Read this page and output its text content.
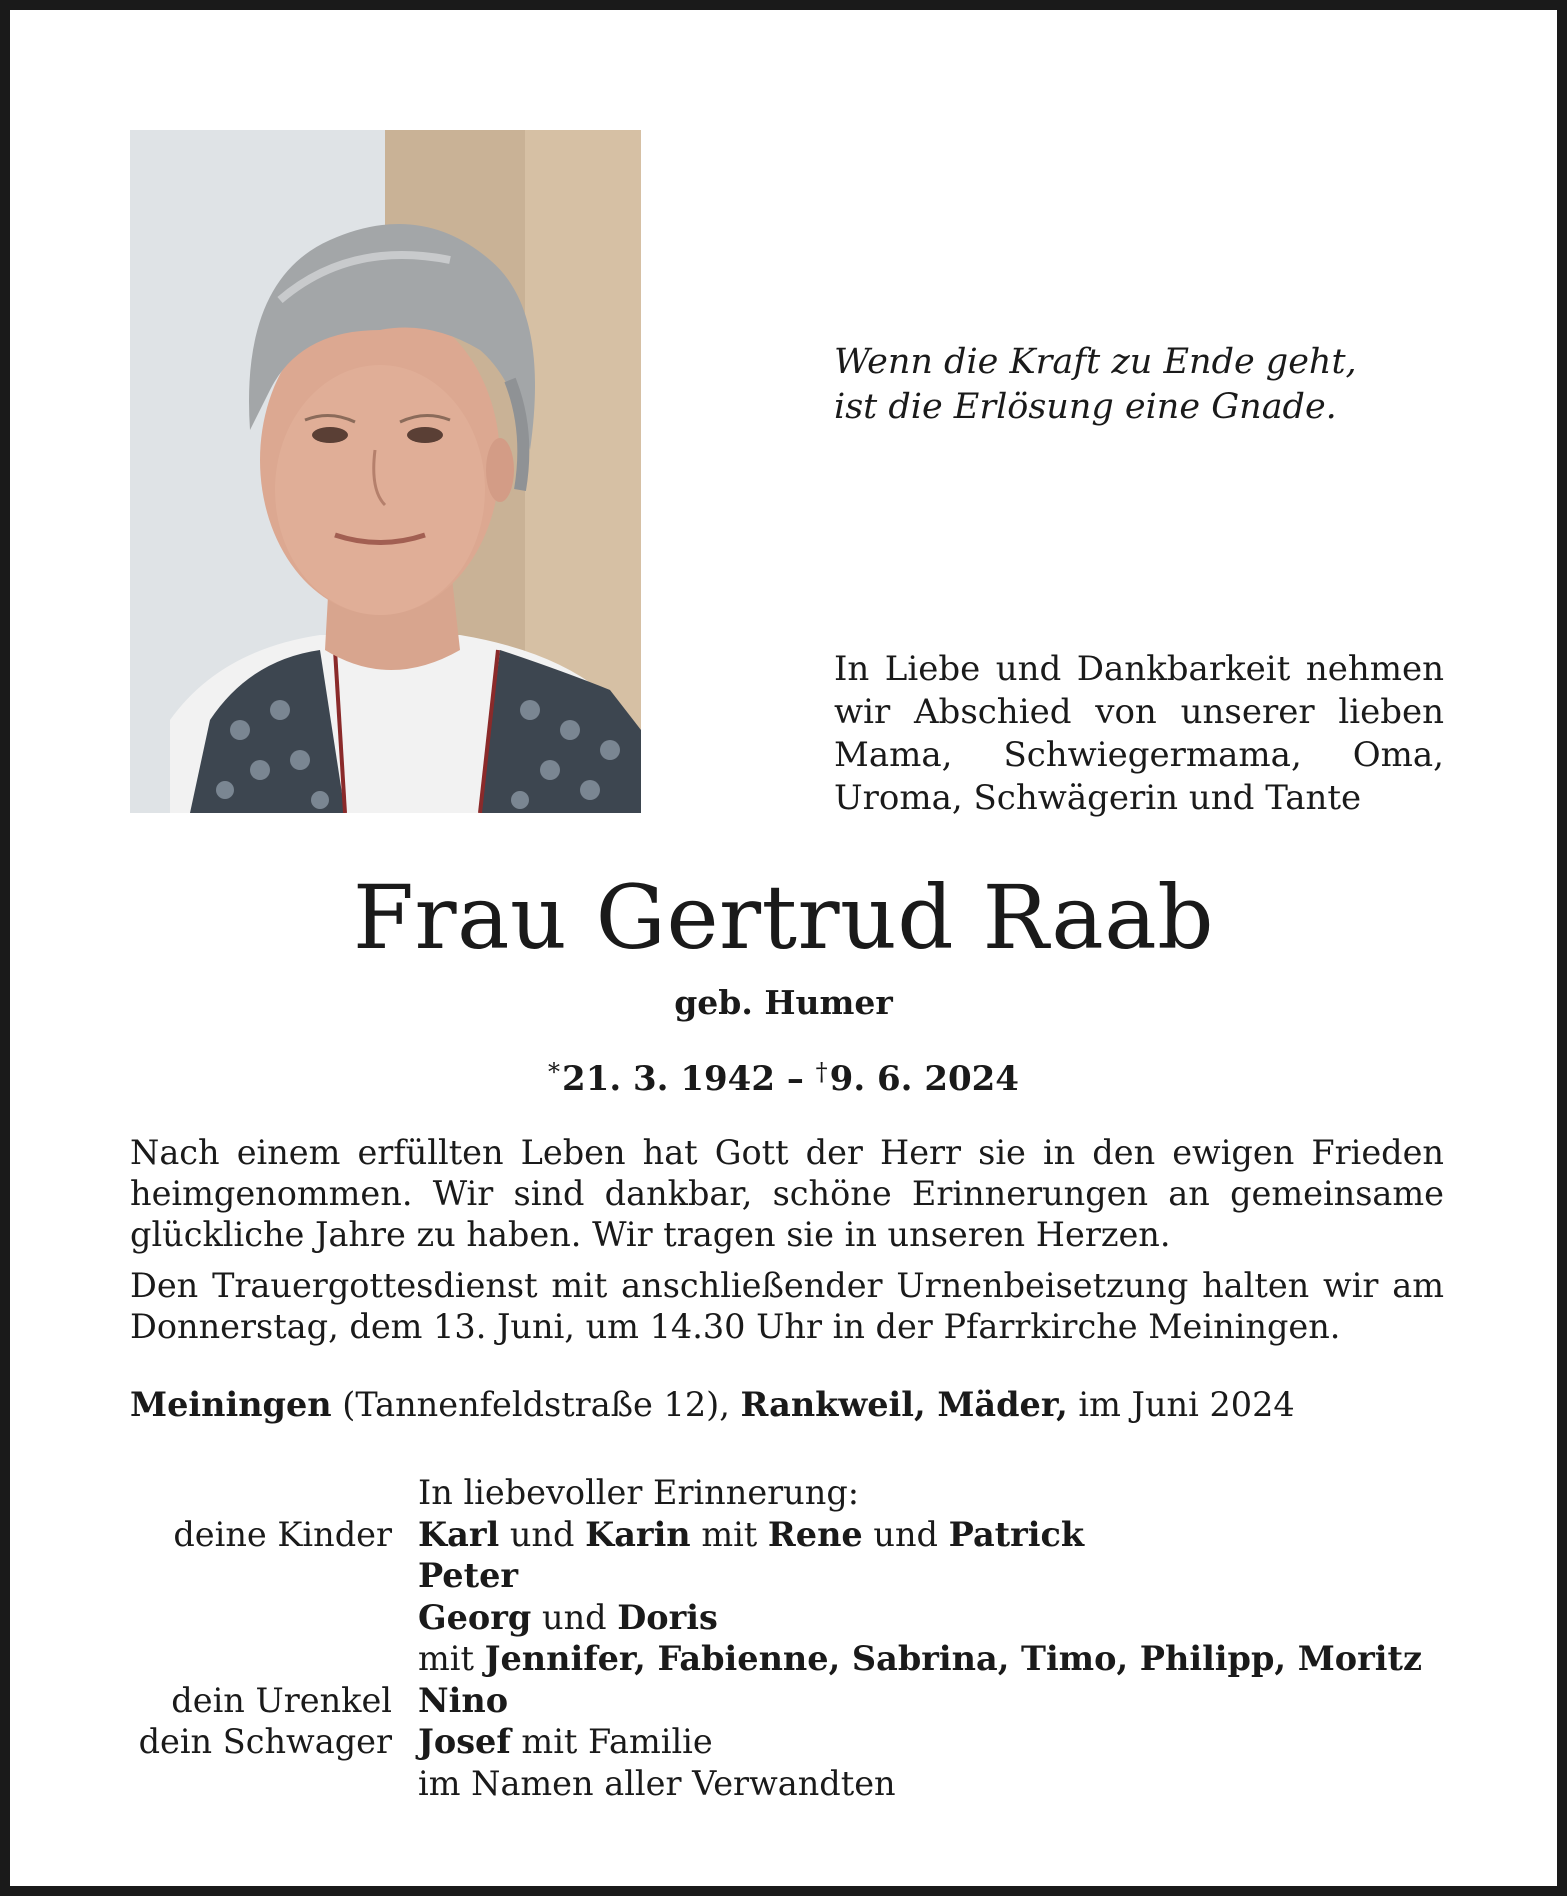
Wenn die Kraft zu Ende geht,
ist die Erlösung eine Gnade.
In Liebe und Dankbarkeit nehmen wir Abschied von unserer lieben Mama, Schwiegermama, Oma, Uroma, Schwägerin und Tante
Frau Gertrud Raab
geb. Humer
*21. 3. 1942 – †9. 6. 2024

Nach einem erfüllten Leben hat Gott der Herr sie in den ewigen Frieden heimgenommen. Wir sind dankbar, schöne Erinnerungen an gemeinsame glückliche Jahre zu haben. Wir tragen sie in unseren Herzen.

Den Trauergottesdienst mit anschließender Urnenbeisetzung halten wir am Donnerstag, dem 13. Juni, um 14.30 Uhr in der Pfarrkirche Meiningen.

Meiningen (Tannenfeldstraße 12), Rankweil, Mäder, im Juni 2024
In liebevoller Erinnerung:
deine Kinder Karl und Karin mit Rene und Patrick
Peter
Georg und Doris
mit Jennifer, Fabienne, Sabrina, Timo, Philipp, Moritz
dein Urenkel Nino
dein Schwager Josef mit Familie
im Namen aller Verwandten
